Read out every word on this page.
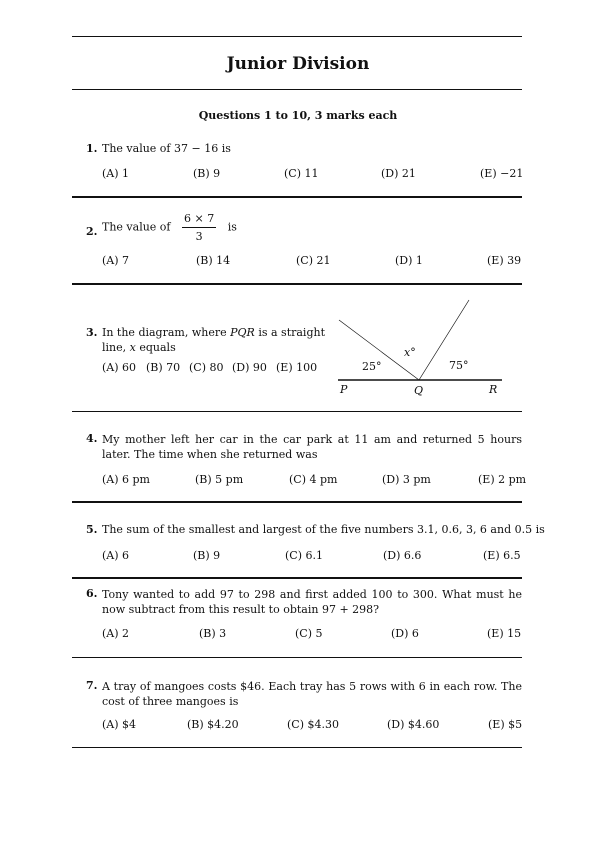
Junior Division
Questions 1 to 10, 3 marks each
1. The value of 37 − 16 is
(A) 1	(B) 9	(C) 11	(D) 21	(E) −21
2. The value of $\frac{6 \times 7}{3}$ is
(A) 7	(B) 14	(C) 21	(D) 1	(E) 39
3. In the diagram, where PQR is a straight
line, x equals
(A) 60 (B) 70 (C) 80 (D) 90 (E) 100	25°
x°
75°
P	Q	R
4. My mother left her car in the car park at 11 am and returned 5 hours later. The time when she returned was
(A) 6 pm	(B) 5 pm	(C) 4 pm	(D) 3 pm	(E) 2 pm
5. The sum of the smallest and largest of the five numbers 3.1, 0.6, 3, 6 and 0.5 is
(A) 6	(B) 9	(C) 6.1	(D) 6.6	(E) 6.5
6. Tony wanted to add 97 to 298 and first added 100 to 300. What must he now subtract from this result to obtain 97 + 298?
(A) 2	(B) 3	(C) 5	(D) 6	(E) 15
7. A tray of mangoes costs $46. Each tray has 5 rows with 6 in each row. The cost of three mangoes is
(A) $4	(B) $4.20	(C) $4.30	(D) $4.60	(E) $5
